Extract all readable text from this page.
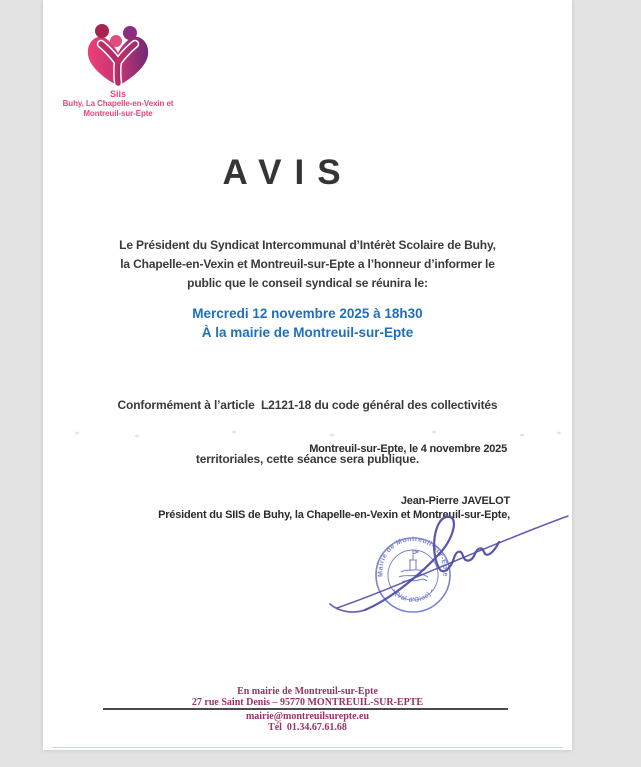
Siis
Buhy, La Chapelle-en-Vexin et
Montreuil-sur-Epte
AVIS
Le Président du Syndicat Intercommunal d’Intérèt Scolaire de Buhy,
la Chapelle-en-Vexin et Montreuil-sur-Epte a l’honneur d’informer le
public que le conseil syndical se réunira le:
Mercredi 12 novembre 2025 à 18h30
À la mairie de Montreuil-sur-Epte

Conformément à l’article  L2121-18 du code général des collectivités

territoriales, cette séance sera publique.

Montreuil-sur-Epte, le 4 novembre 2025
Jean-Pierre JAVELOT
Président du SIIS de Buhy, la Chapelle-en-Vexin et Montreuil-sur-Epte,
Mairie de Montreuil-sur-Epte
• (Val d'Oise) •
En mairie de Montreuil-sur-Epte
27 rue Saint Denis – 95770 MONTREUIL-SUR-EPTE
mairie@montreuilsurepte.eu
Tél  01.34.67.61.68
